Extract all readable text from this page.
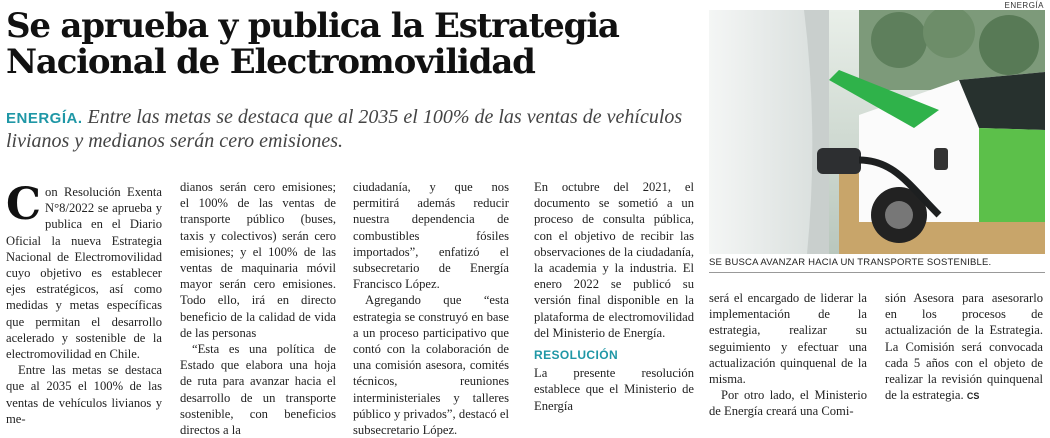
ENERGÍA
Se aprueba y publica la Estrategia
Nacional de Electromovilidad
ENERGÍA. Entre las metas se destaca que al 2035 el 100% de las ventas de vehículos livianos y medianos serán cero emisiones.
SE BUSCA AVANZAR HACIA UN TRANSPORTE SOSTENIBLE.
C on Resolución Exenta N°8/2022 se aprueba y publica en el Diario Oficial la nueva Estrategia Nacional de Electromovilidad cuyo objetivo es establecer ejes estratégicos, así como medidas y metas específicas que permitan el desarrollo acelerado y sostenible de la electromovilidad en Chile.

Entre las metas se destaca que al 2035 el 100% de las ventas de vehículos livianos y me-

dianos serán cero emisiones; el 100% de las ventas de transporte público (buses, taxis y colectivos) serán cero emisiones; y el 100% de las ventas de maquinaria móvil mayor serán cero emisiones. Todo ello, irá en directo beneficio de la calidad de vida de las personas

“Esta es una política de Estado que elabora una hoja de ruta para avanzar hacia el desarrollo de un transporte sostenible, con beneficios directos a la

ciudadanía, y que nos permitirá además reducir nuestra dependencia de combustibles fósiles importados”, enfatizó el subsecretario de Energía Francisco López.

Agregando que “esta estrategia se construyó en base a un proceso participativo que contó con la colaboración de una comisión asesora, comités técnicos, reuniones interministeriales y talleres público y privados”, destacó el subsecretario López.

En octubre del 2021, el documento se sometió a un proceso de consulta pública, con el objetivo de recibir las observaciones de la ciudadanía, la academia y la industria. El enero 2022 se publicó su versión final disponible en la plataforma de electromovilidad del Ministerio de Energía.

RESOLUCIÓN

La presente resolución establece que el Ministerio de Energía

será el encargado de liderar la implementación de la estrategia, realizar su seguimiento y efectuar una actualización quinquenal de la misma.

Por otro lado, el Ministerio de Energía creará una Comi-

sión Asesora para asesorarlo en los procesos de actualización de la Estrategia. La Comisión será convocada cada 5 años con el objeto de realizar la revisión quinquenal de la estrategia. CS
